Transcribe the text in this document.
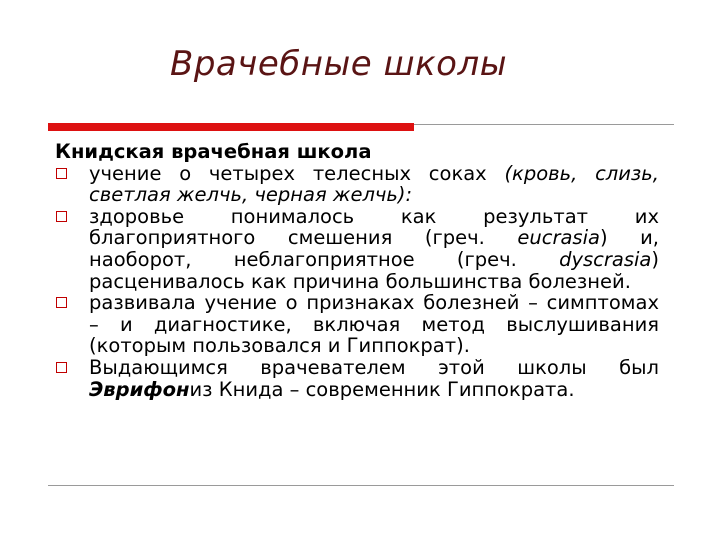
Врачебные школы

Книдская врачебная школа

учение о четырех телесных соках (кровь, слизь, светлая желчь, черная желчь):
здоровье понималось как результат их благоприятного смешения (греч. eucrasia) и, наоборот, неблагоприятное (греч. dyscrasia) расценивалось как причина большинства болезней.
развивала учение о признаках болезней – симптомах – и диагностике, включая метод выслушивания (которым пользовался и Гиппократ).
Выдающимся врачевателем этой школы был Эврифониз Книда – современник Гиппократа.
